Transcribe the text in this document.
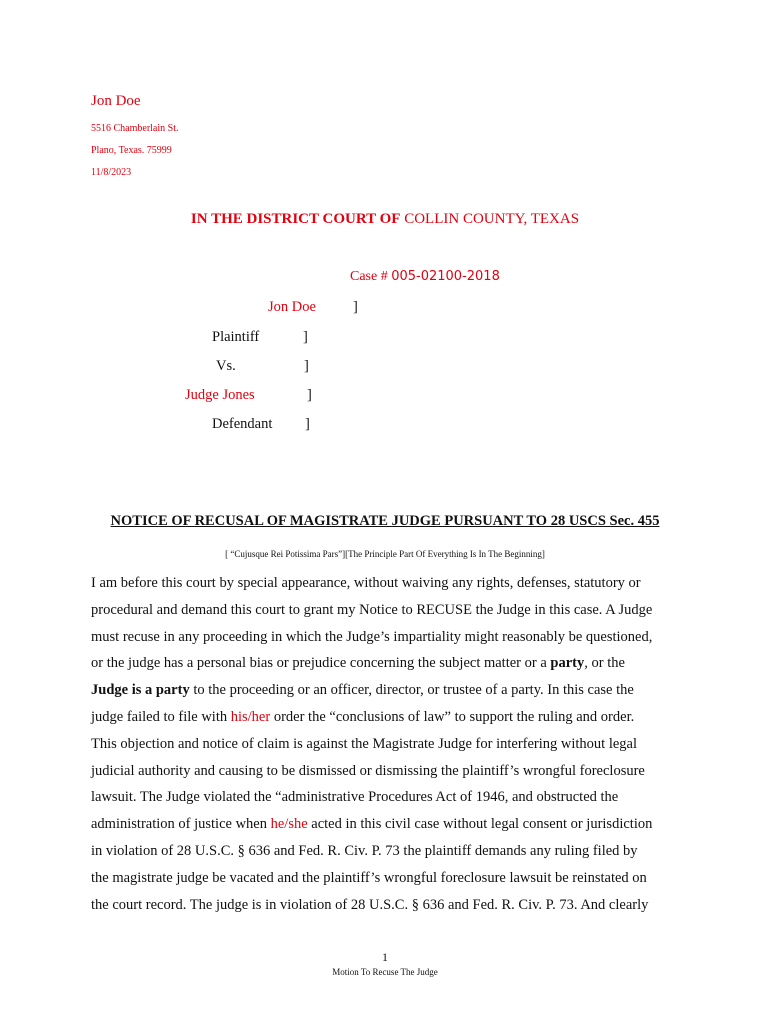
Jon Doe
5516 Chamberlain St.
Plano, Texas. 75999
11/8/2023
IN THE DISTRICT COURT OF COLLIN COUNTY, TEXAS
Case # 005-02100-2018
Jon Doe	]
Plaintiff	]
Vs.	]
Judge Jones	]
Defendant ]
NOTICE OF RECUSAL OF MAGISTRATE JUDGE PURSUANT TO 28 USCS Sec. 455
[ “Cujusque Rei Potissima Pars”][The Principle Part Of Everything Is In The Beginning]
I am before this court by special appearance, without waiving any rights, defenses, statutory or
procedural and demand this court to grant my Notice to RECUSE the Judge in this case. A Judge
must recuse in any proceeding in which the Judge’s impartiality might reasonably be questioned,
or the judge has a personal bias or prejudice concerning the subject matter or a party, or the
Judge is a party to the proceeding or an officer, director, or trustee of a party. In this case the
judge failed to file with his/her order the “conclusions of law” to support the ruling and order.
This objection and notice of claim is against the Magistrate Judge for interfering without legal
judicial authority and causing to be dismissed or dismissing the plaintiff’s wrongful foreclosure
lawsuit. The Judge violated the “administrative Procedures Act of 1946, and obstructed the
administration of justice when he/she acted in this civil case without legal consent or jurisdiction
in violation of 28 U.S.C. § 636 and Fed. R. Civ. P. 73 the plaintiff demands any ruling filed by
the magistrate judge be vacated and the plaintiff’s wrongful foreclosure lawsuit be reinstated on
the court record. The judge is in violation of 28 U.S.C. § 636 and Fed. R. Civ. P. 73. And clearly
1
Motion To Recuse The Judge
